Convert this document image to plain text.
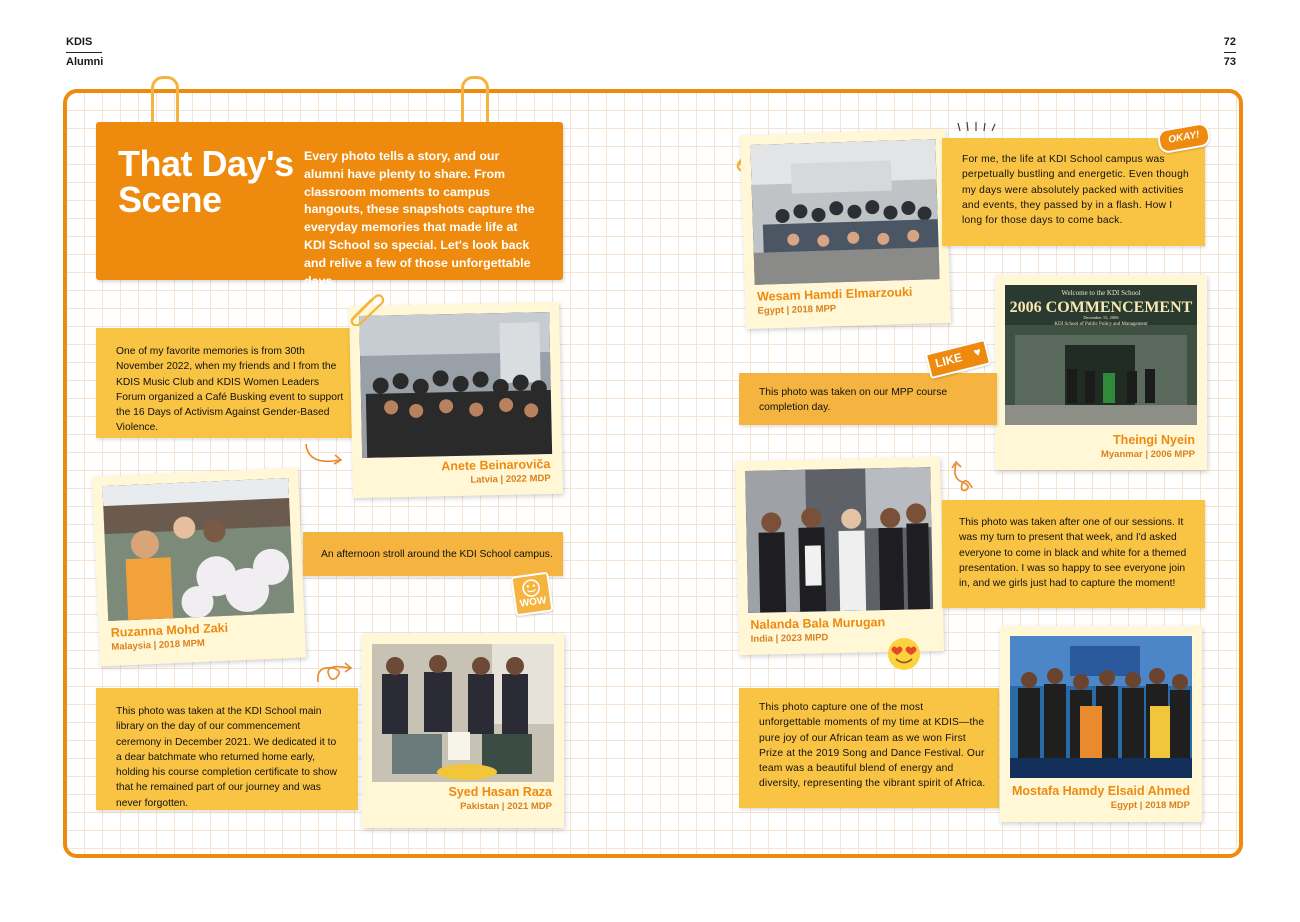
KDIS
Alumni
72
73
That Day's
Scene
Every photo tells a story, and our alumni have plenty to share. From classroom moments to campus hangouts, these snapshots capture the everyday memories that made life at KDI School so special. Let's look back and relive a few of those unforgettable days.
One of my favorite memories is from 30th November 2022, when my friends and I from the KDIS Music Club and KDIS Women Leaders Forum organized a Café Busking event to support the 16 Days of Activism Against Gender-Based Violence.
Anete Beinaroviča
Latvia | 2022 MDP
Ruzanna Mohd Zaki
Malaysia | 2018 MPM
An afternoon stroll around the KDI School campus.
WOW
This photo was taken at the KDI School main library on the day of our commencement ceremony in December 2021. We dedicated it to a dear batchmate who returned home early, holding his course completion certificate to show that he remained part of our journey and was never forgotten.
Syed Hasan Raza
Pakistan | 2021 MDP
Wesam Hamdi Elmarzouki
Egypt | 2018 MPP
For me, the life at KDI School campus was perpetually bustling and energetic. Even though my days were absolutely packed with activities and events, they passed by in a flash. How I long for those days to come back.
OKAY!
Welcome to the KDI School
2006 COMMENCEMENT
December 15, 2006
KDI School of Public Policy and Management
Theingi Nyein
Myanmar | 2006 MPP
This photo was taken on our MPP course completion day.
LIKE ♥
Nalanda Bala Murugan
India | 2023 MIPD
This photo was taken after one of our sessions. It was my turn to present that week, and I'd asked everyone to come in black and white for a themed presentation. I was so happy to see everyone join in, and we girls just had to capture the moment!
This photo capture one of the most unforgettable moments of my time at KDIS—the pure joy of our African team as we won First Prize at the 2019 Song and Dance Festival. Our team was a beautiful blend of energy and diversity, representing the vibrant spirit of Africa.
Mostafa Hamdy Elsaid Ahmed
Egypt | 2018 MDP
